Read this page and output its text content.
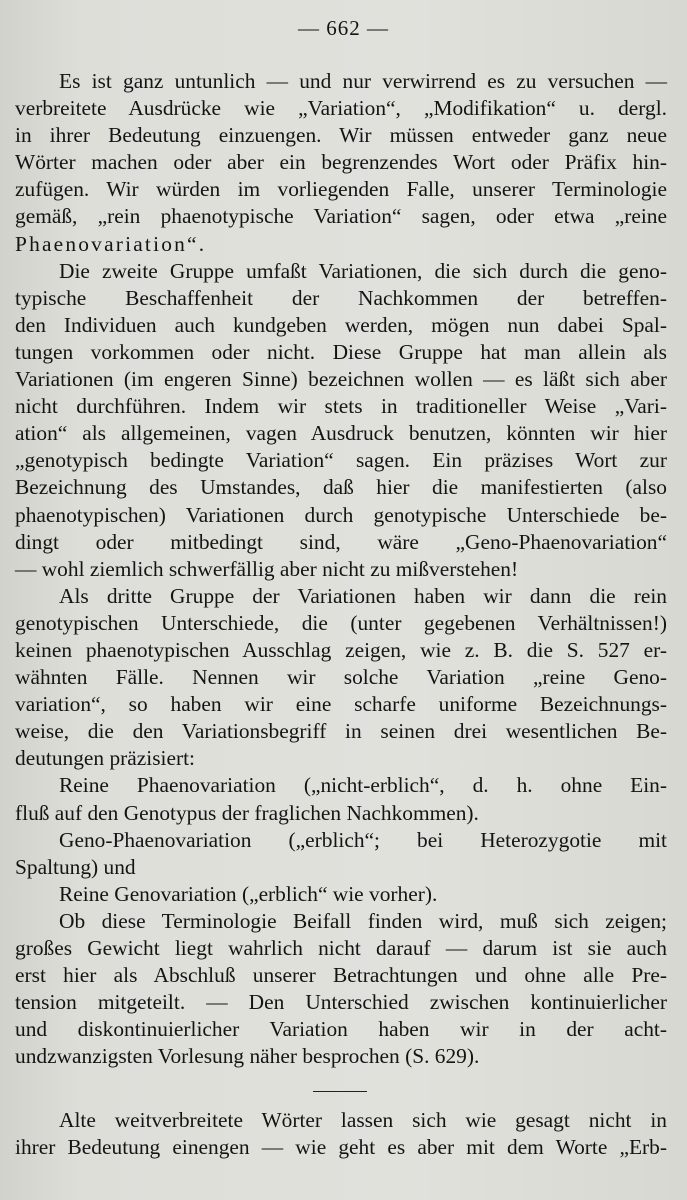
— 662 —
Es ist ganz untunlich — und nur verwirrend es zu versuchen —
verbreitete Ausdrücke wie „Variation“, „Modifikation“ u. dergl.
in ihrer Bedeutung einzuengen. Wir müssen entweder ganz neue
Wörter machen oder aber ein begrenzendes Wort oder Präfix hin-
zufügen. Wir würden im vorliegenden Falle, unserer Terminologie
gemäß, „rein phaenotypische Variation“ sagen, oder etwa „reine
Phaenovariation“.
Die zweite Gruppe umfaßt Variationen, die sich durch die geno-
typische Beschaffenheit der Nachkommen der betreffen-
den Individuen auch kundgeben werden, mögen nun dabei Spal-
tungen vorkommen oder nicht. Diese Gruppe hat man allein als
Variationen (im engeren Sinne) bezeichnen wollen — es läßt sich aber
nicht durchführen. Indem wir stets in traditioneller Weise „Vari-
ation“ als allgemeinen, vagen Ausdruck benutzen, könnten wir hier
„genotypisch bedingte Variation“ sagen. Ein präzises Wort zur
Bezeichnung des Umstandes, daß hier die manifestierten (also
phaenotypischen) Variationen durch genotypische Unterschiede be-
dingt oder mitbedingt sind, wäre „Geno-Phaenovariation“
— wohl ziemlich schwerfällig aber nicht zu mißverstehen!
Als dritte Gruppe der Variationen haben wir dann die rein
genotypischen Unterschiede, die (unter gegebenen Verhältnissen!)
keinen phaenotypischen Ausschlag zeigen, wie z. B. die S. 527 er-
wähnten Fälle. Nennen wir solche Variation „reine Geno-
variation“, so haben wir eine scharfe uniforme Bezeichnungs-
weise, die den Variationsbegriff in seinen drei wesentlichen Be-
deutungen präzisiert:
Reine Phaenovariation („nicht-erblich“, d. h. ohne Ein-
fluß auf den Genotypus der fraglichen Nachkommen).
Geno-Phaenovariation („erblich“; bei Heterozygotie mit
Spaltung) und
Reine Genovariation („erblich“ wie vorher).
Ob diese Terminologie Beifall finden wird, muß sich zeigen;
großes Gewicht liegt wahrlich nicht darauf — darum ist sie auch
erst hier als Abschluß unserer Betrachtungen und ohne alle Pre-
tension mitgeteilt. — Den Unterschied zwischen kontinuierlicher
und diskontinuierlicher Variation haben wir in der acht-
undzwanzigsten Vorlesung näher besprochen (S. 629).
Alte weitverbreitete Wörter lassen sich wie gesagt nicht in
ihrer Bedeutung einengen — wie geht es aber mit dem Worte „Erb-
